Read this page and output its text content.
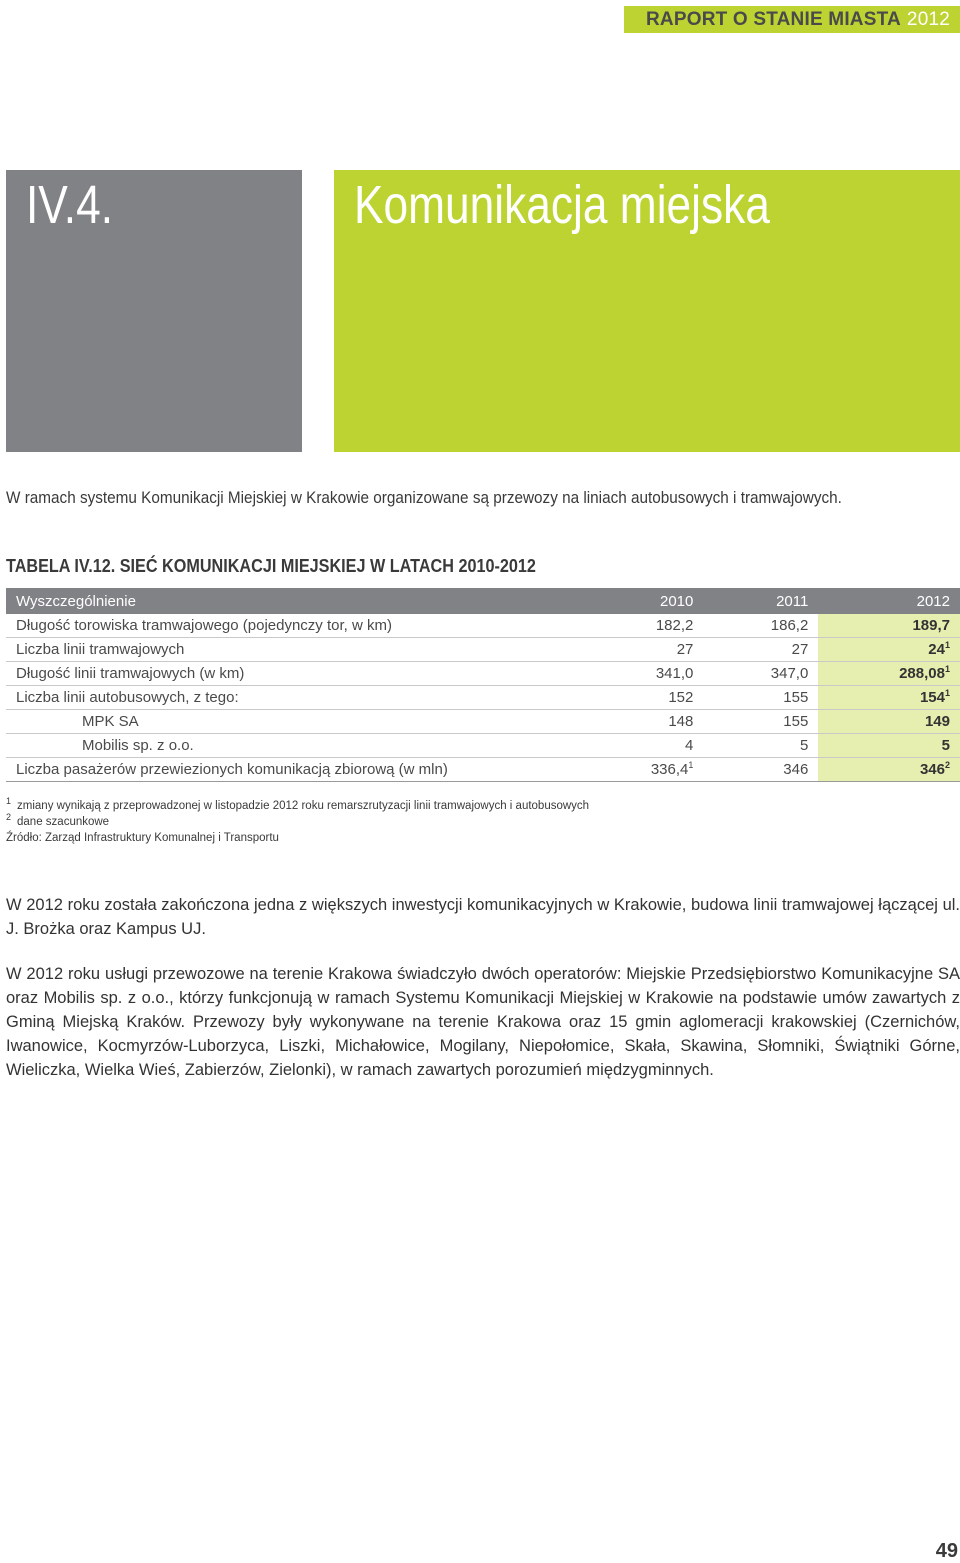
RAPORT O STANIE MIASTA 2012
IV.4.	Komunikacja miejska
W ramach systemu Komunikacji Miejskiej w Krakowie organizowane są przewozy na liniach autobusowych i tramwajowych.
TABELA IV.12. SIEĆ KOMUNIKACJI MIEJSKIEJ W LATACH 2010-2012
Wyszczególnienie	2010	2011	2012
Długość torowiska tramwajowego (pojedynczy tor, w km)	182,2	186,2	189,7
Liczba linii tramwajowych	27	27	$24^1$
Długość linii tramwajowych (w km)	341,0	347,0	288,08$^1$
Liczba linii autobusowych, z tego:	152	155	$154^1$
MPK SA	148	155	149
Mobilis sp. z o.o.	4	5	5
Liczba pasażerów przewiezionych komunikacją zbiorową (w mln)	336,4$^1$	346	$346^2$
$^1$ zmiany wynikają z przeprowadzonej w listopadzie 2012 roku remarszrutyzacji linii tramwajowych i autobusowych
$^2$ dane szacunkowe
Źródło: Zarząd Infrastruktury Komunalnej i Transportu

W 2012 roku została zakończona jedna z większych inwestycji komunikacyjnych w Krakowie, budowa linii tramwajowej łączącej ul. J. Brożka oraz Kampus UJ.

W 2012 roku usługi przewozowe na terenie Krakowa świadczyło dwóch operatorów: Miejskie Przedsiębiorstwo Komunikacyjne SA oraz Mobilis sp. z o.o., którzy funkcjonują w ramach Systemu Komunikacji Miejskiej w Krakowie na podstawie umów zawartych z Gminą Miejską Kraków. Przewozy były wykonywane na terenie Krakowa oraz 15 gmin aglomeracji krakowskiej (Czernichów, Iwanowice, Kocmyrzów-Luborzyca, Liszki, Michałowice, Mogilany, Niepołomice, Skała, Skawina, Słomniki, Świątniki Górne, Wieliczka, Wielka Wieś, Zabierzów, Zielonki), w ramach zawartych porozumień międzygminnych.

49
